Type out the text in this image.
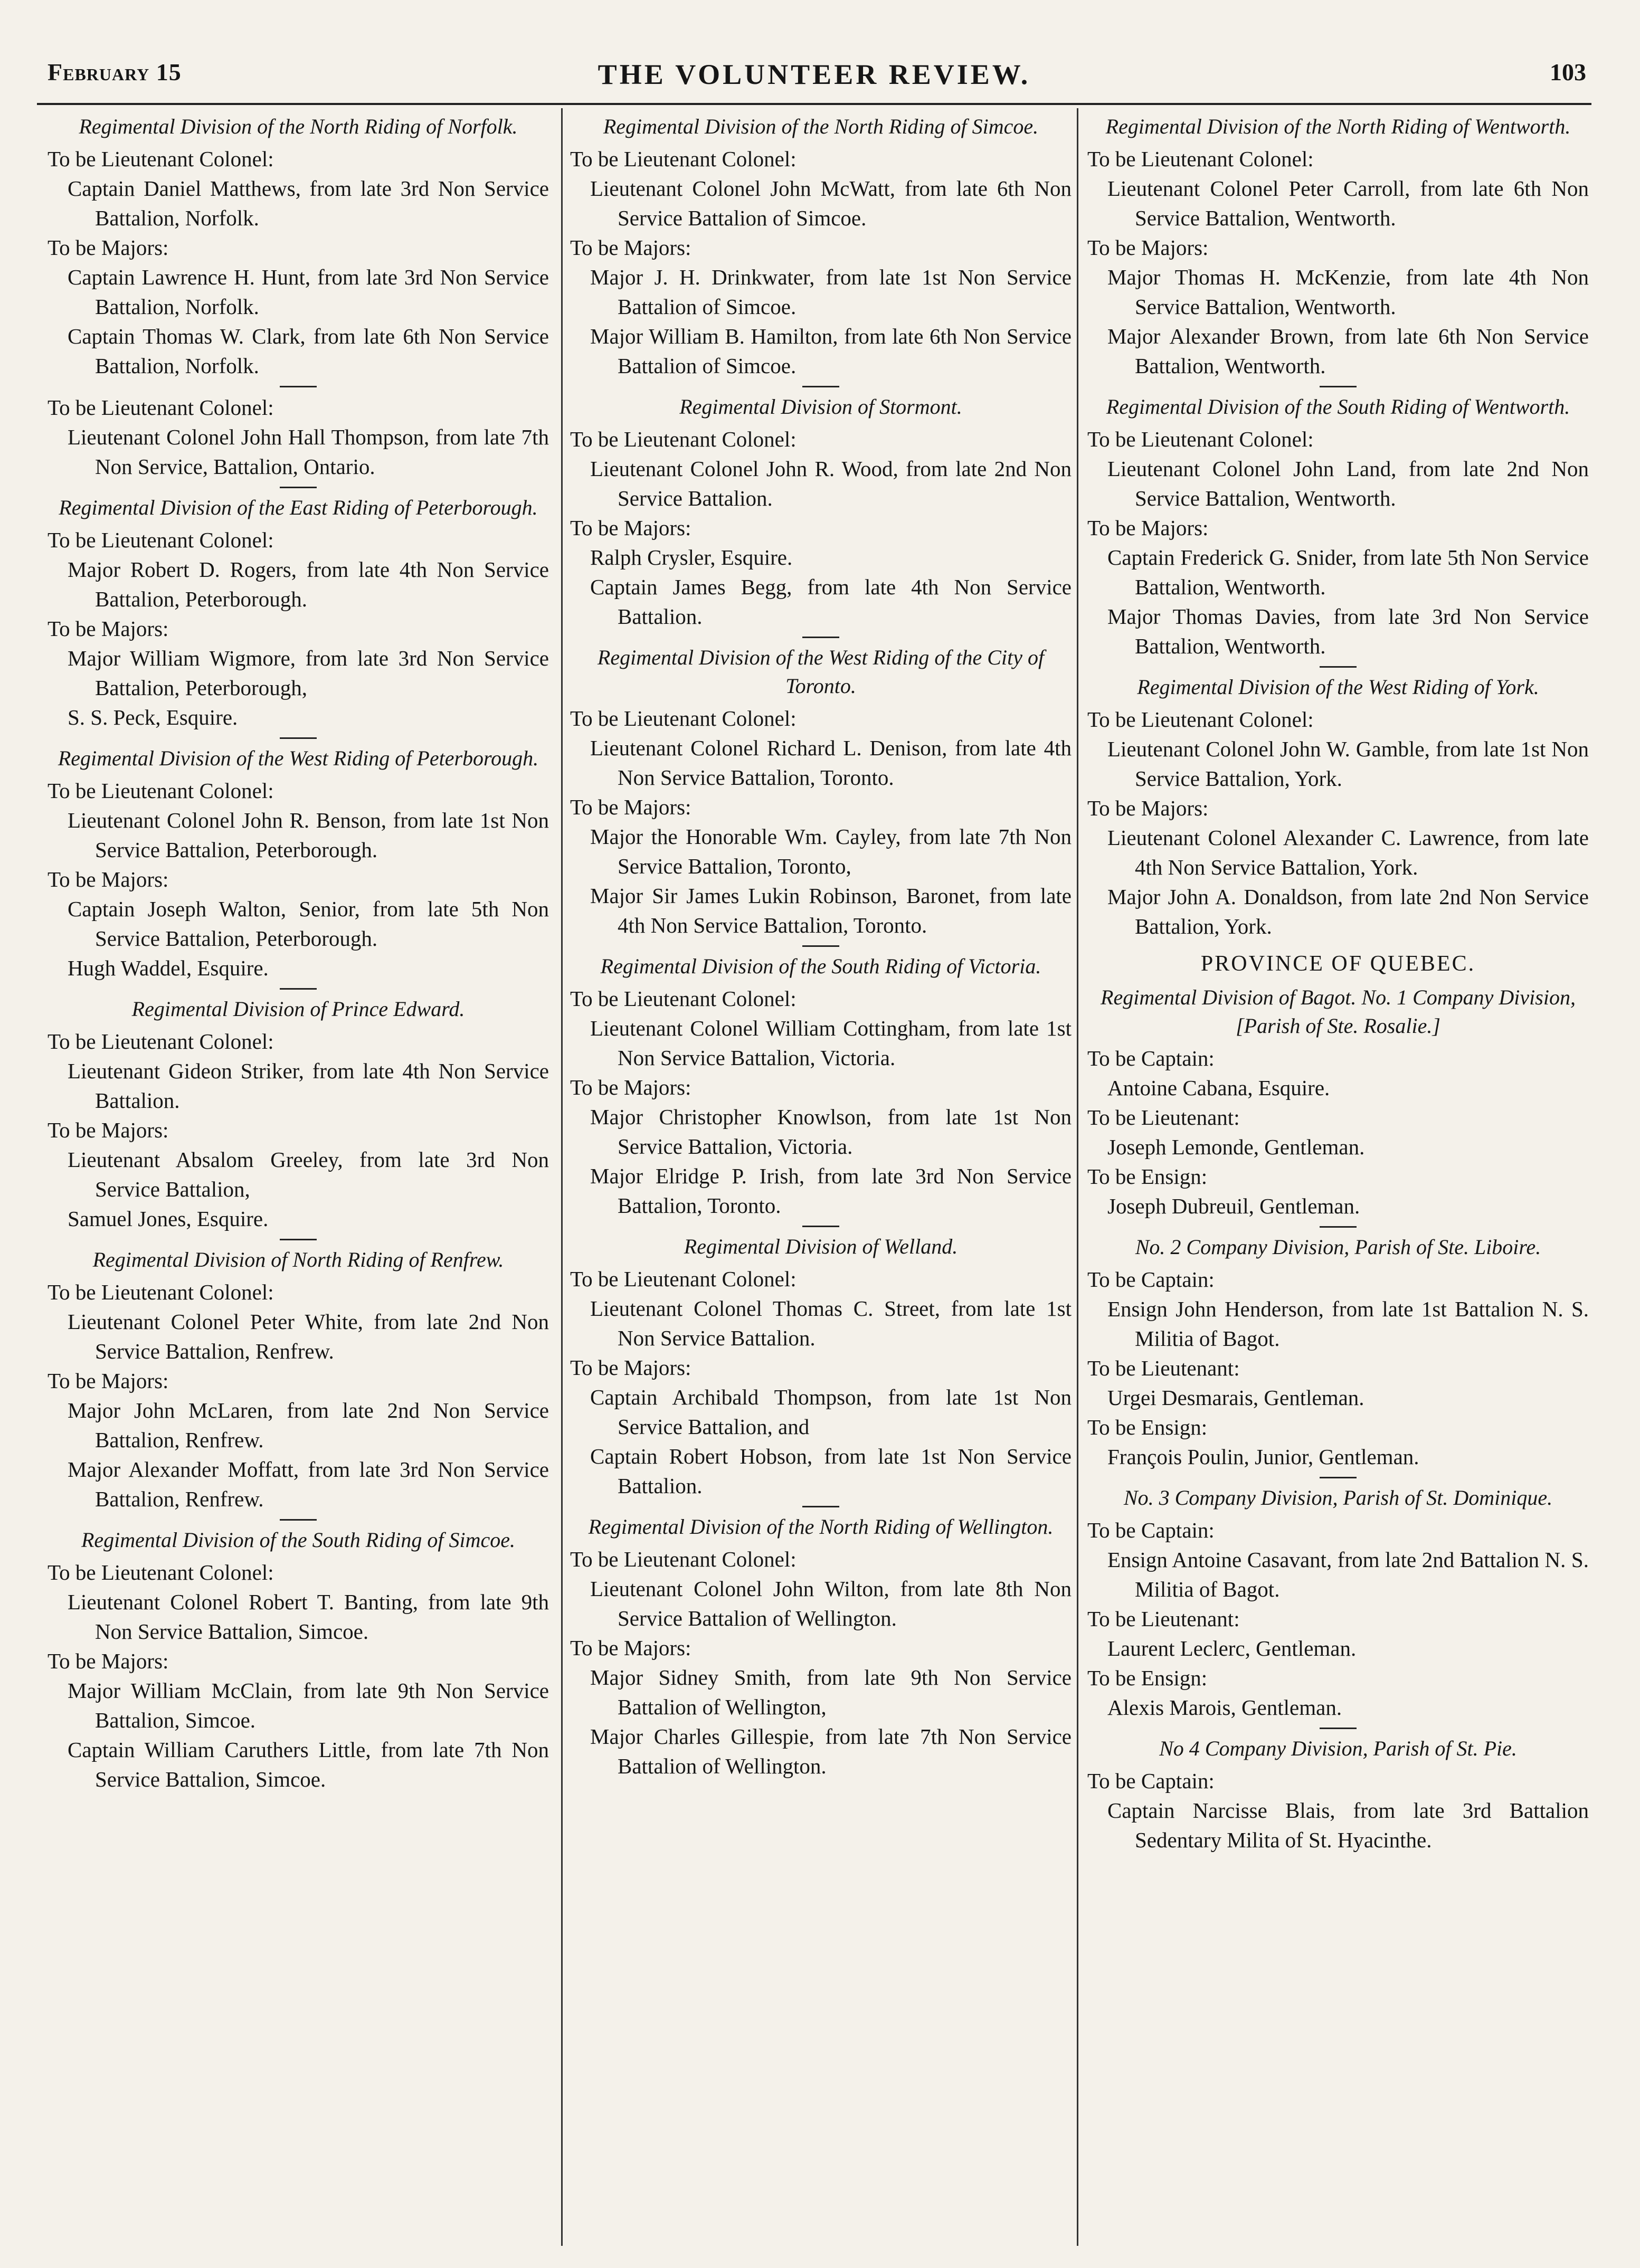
February 15	THE VOLUNTEER REVIEW.	103
Regimental Division of the North Riding of Norfolk.
To be Lieutenant Colonel:
Captain Daniel Matthews, from late 3rd Non Service Battalion, Norfolk.
To be Majors:
Captain Lawrence H. Hunt, from late 3rd Non Service Battalion, Norfolk.
Captain Thomas W. Clark, from late 6th Non Service Battalion, Norfolk.
To be Lieutenant Colonel:
Lieutenant Colonel John Hall Thompson, from late 7th Non Service, Battalion, Ontario.
Regimental Division of the East Riding of Peterborough.
To be Lieutenant Colonel:
Major Robert D. Rogers, from late 4th Non Service Battalion, Peterborough.
To be Majors:
Major William Wigmore, from late 3rd Non Service Battalion, Peterborough,
S. S. Peck, Esquire.
Regimental Division of the West Riding of Peterborough.
To be Lieutenant Colonel:
Lieutenant Colonel John R. Benson, from late 1st Non Service Battalion, Peterborough.
To be Majors:
Captain Joseph Walton, Senior, from late 5th Non Service Battalion, Peterborough.
Hugh Waddel, Esquire.
Regimental Division of Prince Edward.
To be Lieutenant Colonel:
Lieutenant Gideon Striker, from late 4th Non Service Battalion.
To be Majors:
Lieutenant Absalom Greeley, from late 3rd Non Service Battalion,
Samuel Jones, Esquire.
Regimental Division of North Riding of Renfrew.
To be Lieutenant Colonel:
Lieutenant Colonel Peter White, from late 2nd Non Service Battalion, Renfrew.
To be Majors:
Major John McLaren, from late 2nd Non Service Battalion, Renfrew.
Major Alexander Moffatt, from late 3rd Non Service Battalion, Renfrew.
Regimental Division of the South Riding of Simcoe.
To be Lieutenant Colonel:
Lieutenant Colonel Robert T. Banting, from late 9th Non Service Battalion, Simcoe.
To be Majors:
Major William McClain, from late 9th Non Service Battalion, Simcoe.
Captain William Caruthers Little, from late 7th Non Service Battalion, Simcoe.
Regimental Division of the North Riding of Simcoe.
To be Lieutenant Colonel:
Lieutenant Colonel John McWatt, from late 6th Non Service Battalion of Simcoe.
To be Majors:
Major J. H. Drinkwater, from late 1st Non Service Battalion of Simcoe.
Major William B. Hamilton, from late 6th Non Service Battalion of Simcoe.
Regimental Division of Stormont.
To be Lieutenant Colonel:
Lieutenant Colonel John R. Wood, from late 2nd Non Service Battalion.
To be Majors:
Ralph Crysler, Esquire.
Captain James Begg, from late 4th Non Service Battalion.
Regimental Division of the West Riding of the City of Toronto.
To be Lieutenant Colonel:
Lieutenant Colonel Richard L. Denison, from late 4th Non Service Battalion, Toronto.
To be Majors:
Major the Honorable Wm. Cayley, from late 7th Non Service Battalion, Toronto,
Major Sir James Lukin Robinson, Baronet, from late 4th Non Service Battalion, Toronto.
Regimental Division of the South Riding of Victoria.
To be Lieutenant Colonel:
Lieutenant Colonel William Cottingham, from late 1st Non Service Battalion, Victoria.
To be Majors:
Major Christopher Knowlson, from late 1st Non Service Battalion, Victoria.
Major Elridge P. Irish, from late 3rd Non Service Battalion, Toronto.
Regimental Division of Welland.
To be Lieutenant Colonel:
Lieutenant Colonel Thomas C. Street, from late 1st Non Service Battalion.
To be Majors:
Captain Archibald Thompson, from late 1st Non Service Battalion, and
Captain Robert Hobson, from late 1st Non Service Battalion.
Regimental Division of the North Riding of Wellington.
To be Lieutenant Colonel:
Lieutenant Colonel John Wilton, from late 8th Non Service Battalion of Wellington.
To be Majors:
Major Sidney Smith, from late 9th Non Service Battalion of Wellington,
Major Charles Gillespie, from late 7th Non Service Battalion of Wellington.
Regimental Division of the North Riding of Wentworth.
To be Lieutenant Colonel:
Lieutenant Colonel Peter Carroll, from late 6th Non Service Battalion, Wentworth.
To be Majors:
Major Thomas H. McKenzie, from late 4th Non Service Battalion, Wentworth.
Major Alexander Brown, from late 6th Non Service Battalion, Wentworth.
Regimental Division of the South Riding of Wentworth.
To be Lieutenant Colonel:
Lieutenant Colonel John Land, from late 2nd Non Service Battalion, Wentworth.
To be Majors:
Captain Frederick G. Snider, from late 5th Non Service Battalion, Wentworth.
Major Thomas Davies, from late 3rd Non Service Battalion, Wentworth.
Regimental Division of the West Riding of York.
To be Lieutenant Colonel:
Lieutenant Colonel John W. Gamble, from late 1st Non Service Battalion, York.
To be Majors:
Lieutenant Colonel Alexander C. Lawrence, from late 4th Non Service Battalion, York.
Major John A. Donaldson, from late 2nd Non Service Battalion, York.
PROVINCE OF QUEBEC.
Regimental Division of Bagot. No. 1 Company Division, [Parish of Ste. Rosalie.]
To be Captain:
Antoine Cabana, Esquire.
To be Lieutenant:
Joseph Lemonde, Gentleman.
To be Ensign:
Joseph Dubreuil, Gentleman.
No. 2 Company Division, Parish of Ste. Liboire.
To be Captain:
Ensign John Henderson, from late 1st Battalion N. S. Militia of Bagot.
To be Lieutenant:
Urgei Desmarais, Gentleman.
To be Ensign:
François Poulin, Junior, Gentleman.
No. 3 Company Division, Parish of St. Dominique.
To be Captain:
Ensign Antoine Casavant, from late 2nd Battalion N. S. Militia of Bagot.
To be Lieutenant:
Laurent Leclerc, Gentleman.
To be Ensign:
Alexis Marois, Gentleman.
No 4 Company Division, Parish of St. Pie.
To be Captain:
Captain Narcisse Blais, from late 3rd Battalion Sedentary Milita of St. Hyacinthe.
